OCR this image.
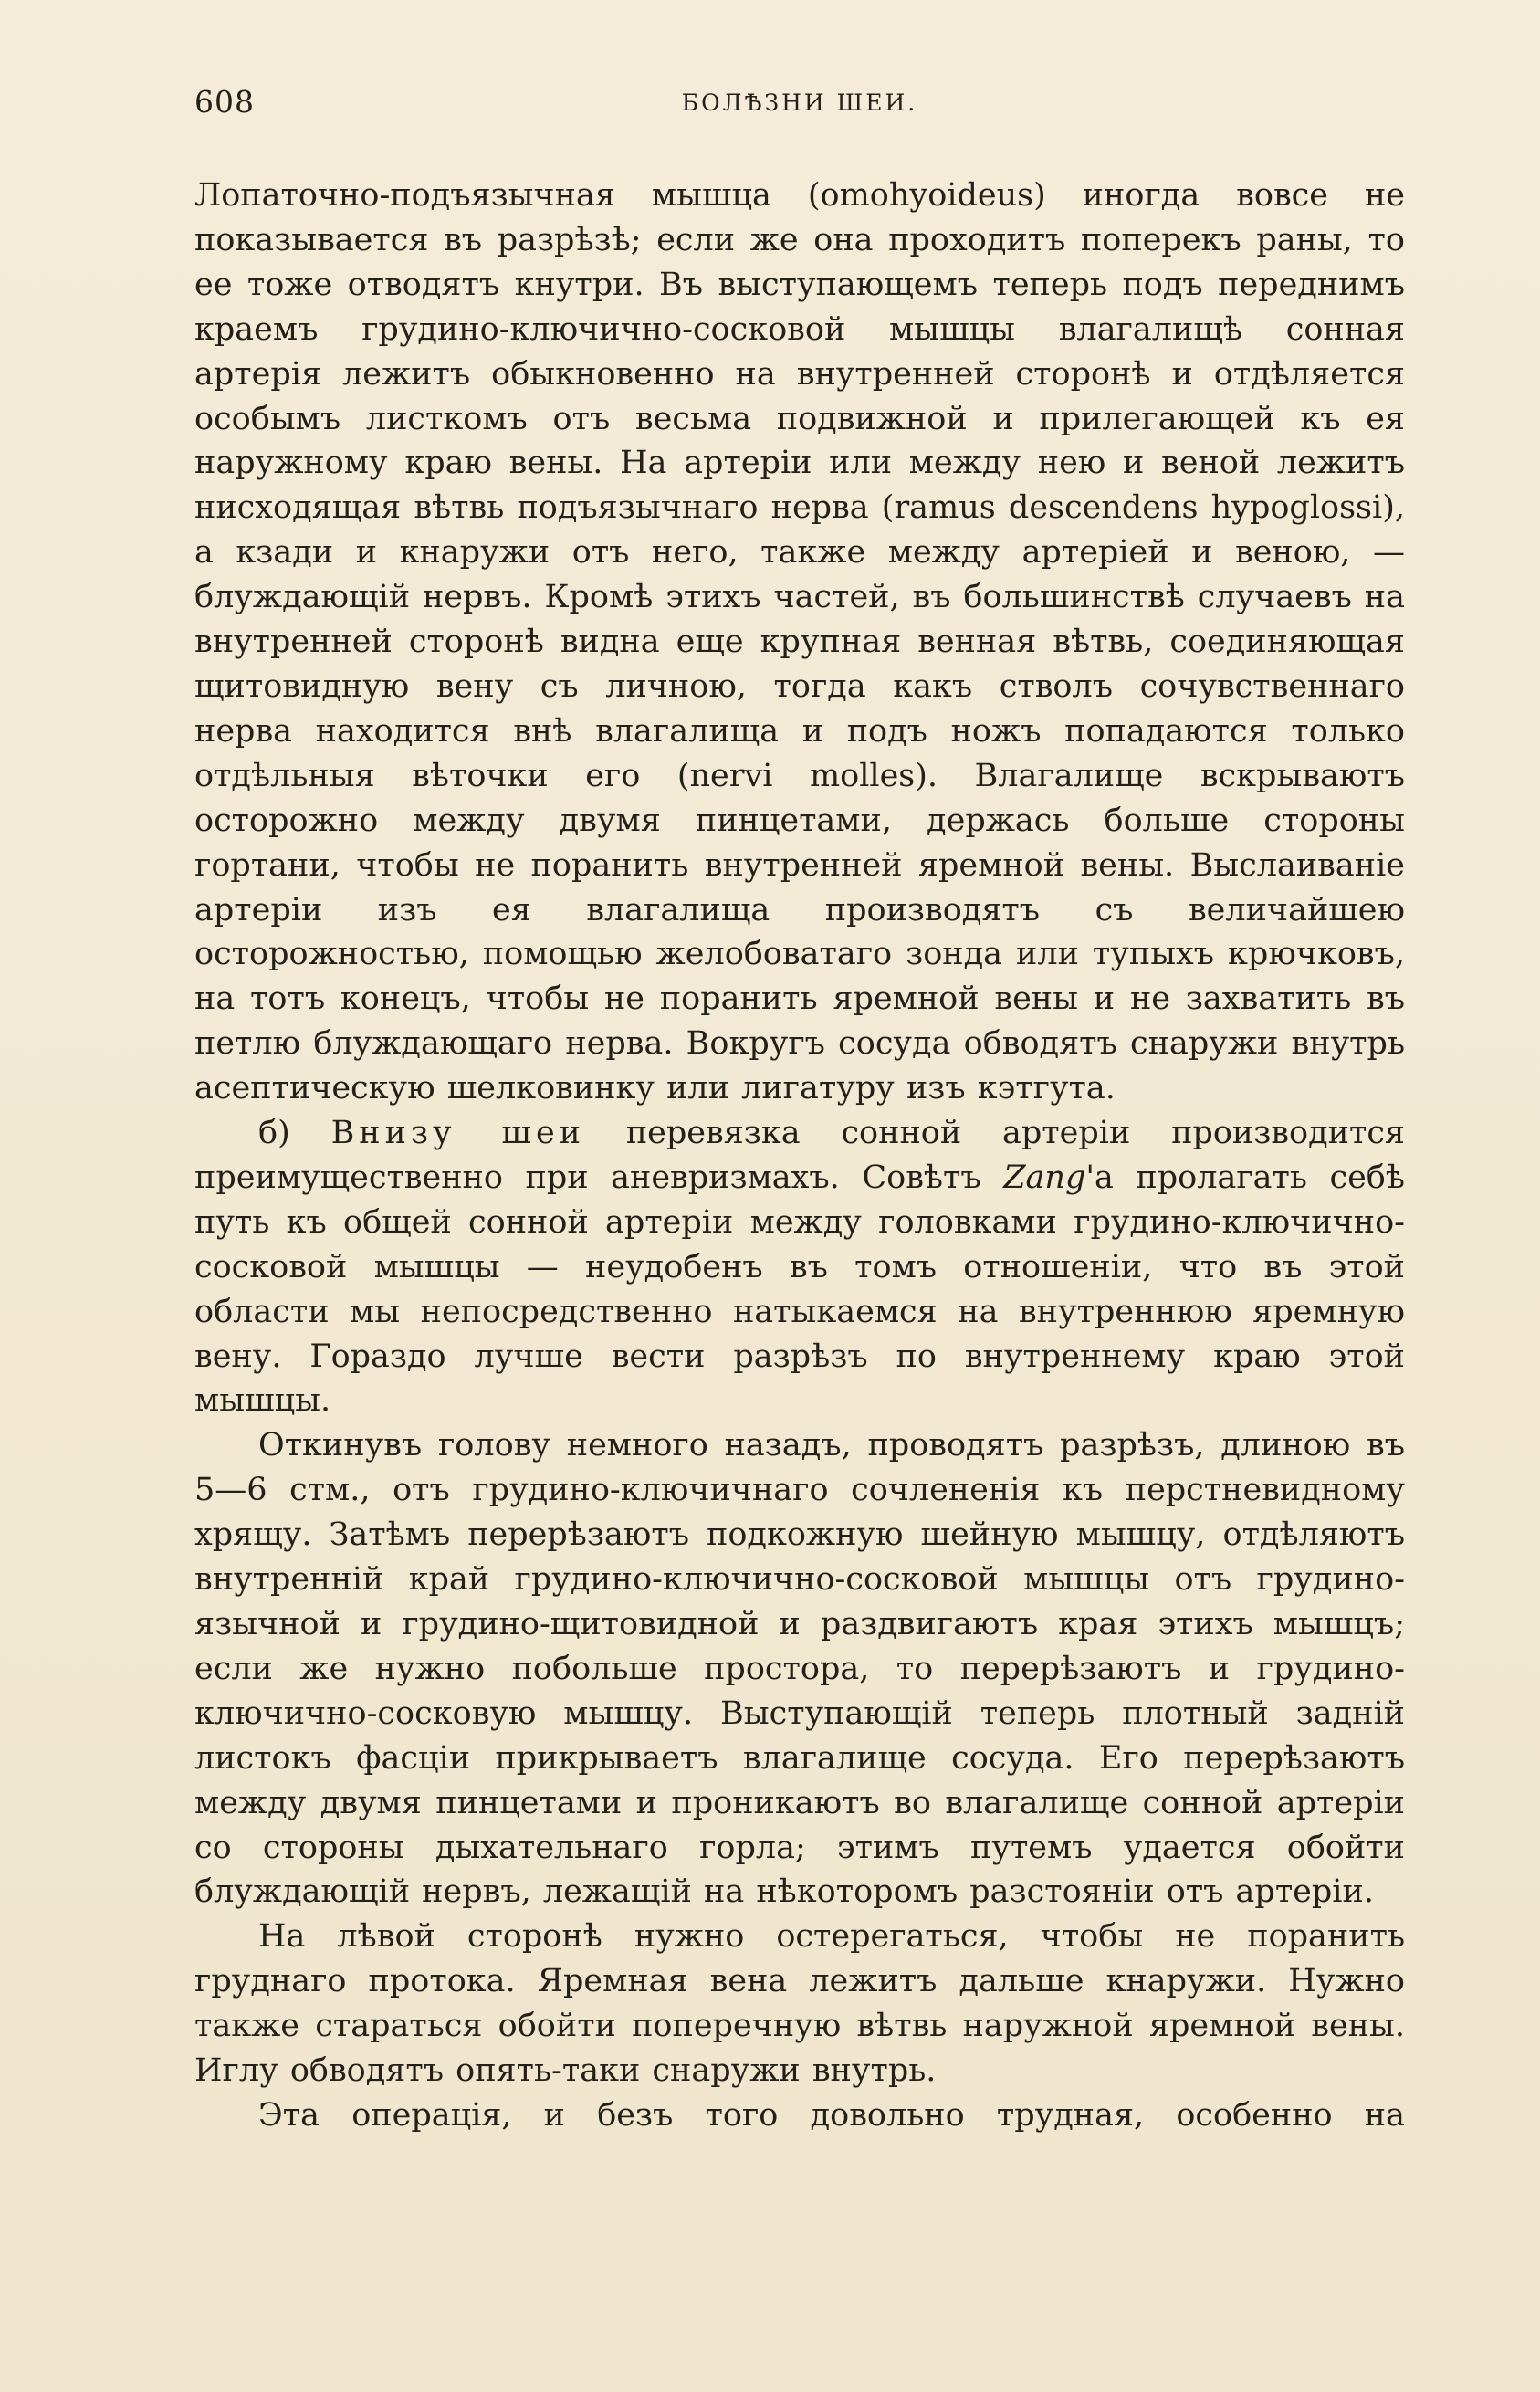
608	БОЛѢЗНИ ШЕИ.

Лопаточно-подъязычная мышца (omohyoideus) иногда вовсе не показывается въ разрѣзѣ; если же она проходитъ поперекъ раны, то ее тоже отводятъ кнутри. Въ выступающемъ теперь подъ переднимъ краемъ грудино-ключично-сосковой мышцы влагалищѣ сонная артерія лежитъ обыкновенно на внутренней сторонѣ и отдѣляется особымъ листкомъ отъ весьма подвижной и прилегающей къ ея наружному краю вены. На артеріи или между нею и веной лежитъ нисходящая вѣтвь подъязычнаго нерва (ramus descendens hypoglossi), а кзади и кнаружи отъ него, также между артеріей и веною, — блуждающій нервъ. Кромѣ этихъ частей, въ большинствѣ случаевъ на внутренней сторонѣ видна еще крупная венная вѣтвь, соединяющая щитовидную вену съ личною, тогда какъ стволъ сочувственнаго нерва находится внѣ влагалища и подъ ножъ попадаются только отдѣльныя вѣточки его (nervi molles). Влагалище вскрываютъ осторожно между двумя пинцетами, держась больше стороны гортани, чтобы не поранить внутренней яремной вены. Выслаиваніе артеріи изъ ея влагалища производятъ съ величайшею осторожностью, помощью желобоватаго зонда или тупыхъ крючковъ, на тотъ конецъ, чтобы не поранить яремной вены и не захватить въ петлю блуждающаго нерва. Вокругъ сосуда обводятъ снаружи внутрь асептическую шелковинку или лигатуру изъ кэтгута.

б) Внизу шеи перевязка сонной артеріи производится преимущественно при аневризмахъ. Совѣтъ Zang'а пролагать себѣ путь къ общей сонной артеріи между головками грудино-ключично-сосковой мышцы — неудобенъ въ томъ отношеніи, что въ этой области мы непосредственно натыкаемся на внутреннюю яремную вену. Гораздо лучше вести разрѣзъ по внутреннему краю этой мышцы.

Откинувъ голову немного назадъ, проводятъ разрѣзъ, длиною въ 5—6 стм., отъ грудино-ключичнаго сочлененія къ перстневидному хрящу. Затѣмъ перерѣзаютъ подкожную шейную мышцу, отдѣляютъ внутренній край грудино-ключично-сосковой мышцы отъ грудино-язычной и грудино-щитовидной и раздвигаютъ края этихъ мышцъ; если же нужно побольше простора, то перерѣзаютъ и грудино-ключично-сосковую мышцу. Выступающій теперь плотный задній листокъ фасціи прикрываетъ влагалище сосуда. Его перерѣзаютъ между двумя пинцетами и проникаютъ во влагалище сонной артеріи со стороны дыхательнаго горла; этимъ путемъ удается обойти блуждающій нервъ, лежащій на нѣкоторомъ разстояніи отъ артеріи.

На лѣвой сторонѣ нужно остерегаться, чтобы не поранить груднаго протока. Яремная вена лежитъ дальше кнаружи. Нужно также стараться обойти поперечную вѣтвь наружной яремной вены. Иглу обводятъ опять-таки снаружи внутрь.

Эта операція, и безъ того довольно трудная, особенно на
